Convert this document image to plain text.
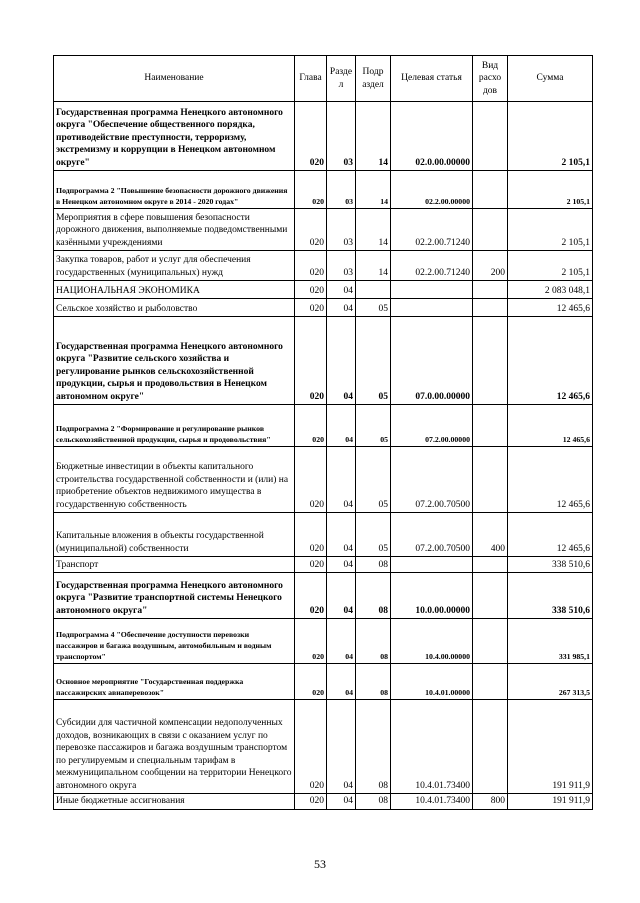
Наименование	Глава	Разде л	Подр аздел	Целевая статья	Вид расхо дов	Сумма
Государственная программа Ненецкого автономного округа "Обеспечение общественного порядка, противодействие преступности, терроризму, экстремизму и коррупции в Ненецком автономном округе"	020	03	14	02.0.00.00000		2 105,1
Подпрограмма 2 "Повышение безопасности дорожного движения в Ненецком автономном округе в 2014 - 2020 годах"	020	03	14	02.2.00.00000		2 105,1
Мероприятия в сфере повышения безопасности дорожного движения, выполняемые подведомственными казёнными учреждениями	020	03	14	02.2.00.71240		2 105,1
Закупка товаров, работ и услуг для обеспечения государственных (муниципальных) нужд	020	03	14	02.2.00.71240	200	2 105,1
НАЦИОНАЛЬНАЯ ЭКОНОМИКА	020	04				2 083 048,1
Сельское хозяйство и рыболовство	020	04	05			12 465,6
Государственная программа Ненецкого автономного округа "Развитие сельского хозяйства и регулирование рынков сельскохозяйственной продукции, сырья и продовольствия в Ненецком автономном округе"	020	04	05	07.0.00.00000		12 465,6
Подпрограмма 2 "Формирование и регулирование рынков сельскохозяйственной продукции, сырья и продовольствия"	020	04	05	07.2.00.00000		12 465,6
Бюджетные инвестиции в объекты капитального строительства государственной собственности и (или) на приобретение объектов недвижимого имущества в государственную собственность	020	04	05	07.2.00.70500		12 465,6
Капитальные вложения в объекты государственной (муниципальной) собственности	020	04	05	07.2.00.70500	400	12 465,6
Транспорт	020	04	08			338 510,6
Государственная программа Ненецкого автономного округа "Развитие транспортной системы Ненецкого автономного округа"	020	04	08	10.0.00.00000		338 510,6
Подпрограмма 4 "Обеспечение доступности перевозки пассажиров и багажа воздушным, автомобильным и водным транспортом"	020	04	08	10.4.00.00000		331 985,1
Основное мероприятие "Государственная поддержка пассажирских авиаперевозок"	020	04	08	10.4.01.00000		267 313,5
Субсидии для частичной компенсации недополученных доходов, возникающих в связи с оказанием услуг по перевозке пассажиров и багажа воздушным транспортом по регулируемым и специальным тарифам в межмуниципальном сообщении на территории Ненецкого автономного округа	020	04	08	10.4.01.73400		191 911,9
Иные бюджетные ассигнования	020	04	08	10.4.01.73400	800	191 911,9
53
